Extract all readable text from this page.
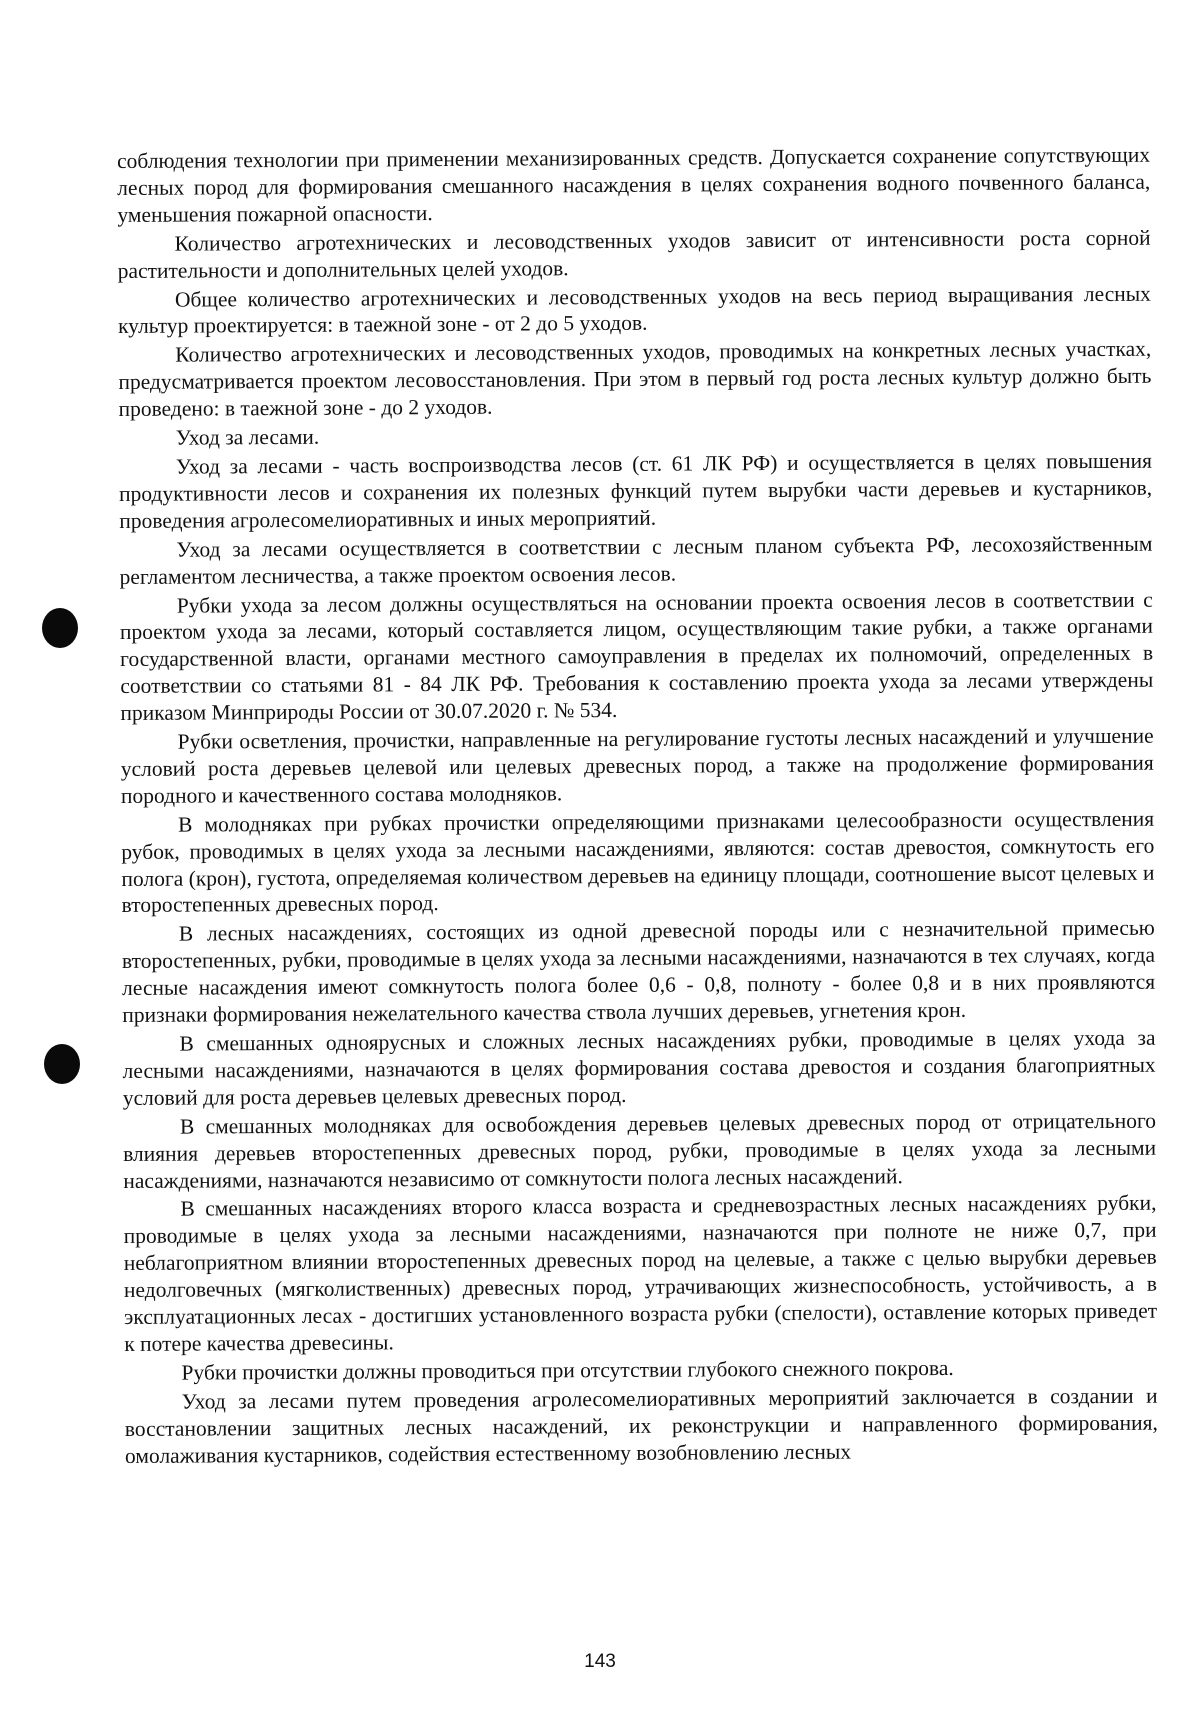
соблюдения технологии при применении механизированных средств. Допускается сохранение сопутствующих лесных пород для формирования смешанного насаждения в целях сохранения водного почвенного баланса, уменьшения пожарной опасности.

Количество агротехнических и лесоводственных уходов зависит от интенсивности роста сорной растительности и дополнительных целей уходов.

Общее количество агротехнических и лесоводственных уходов на весь период выращивания лесных культур проектируется: в таежной зоне - от 2 до 5 уходов.

Количество агротехнических и лесоводственных уходов, проводимых на конкретных лесных участках, предусматривается проектом лесовосстановления. При этом в первый год роста лесных культур должно быть проведено: в таежной зоне - до 2 уходов.

Уход за лесами.

Уход за лесами - часть воспроизводства лесов (ст. 61 ЛК РФ) и осуществляется в целях повышения продуктивности лесов и сохранения их полезных функций путем вырубки части деревьев и кустарников, проведения агролесомелиоративных и иных мероприятий.

Уход за лесами осуществляется в соответствии с лесным планом субъекта РФ, лесохозяйственным регламентом лесничества, а также проектом освоения лесов.

Рубки ухода за лесом должны осуществляться на основании проекта освоения лесов в соответствии с проектом ухода за лесами, который составляется лицом, осуществляющим такие рубки, а также органами государственной власти, органами местного самоуправления в пределах их полномочий, определенных в соответствии со статьями 81 - 84 ЛК РФ. Требования к составлению проекта ухода за лесами утверждены приказом Минприроды России от 30.07.2020 г. № 534.

Рубки осветления, прочистки, направленные на регулирование густоты лесных насаждений и улучшение условий роста деревьев целевой или целевых древесных пород, а также на продолжение формирования породного и качественного состава молодняков.

В молодняках при рубках прочистки определяющими признаками целесообразности осуществления рубок, проводимых в целях ухода за лесными насаждениями, являются: состав древостоя, сомкнутость его полога (крон), густота, определяемая количеством деревьев на единицу площади, соотношение высот целевых и второстепенных древесных пород.

В лесных насаждениях, состоящих из одной древесной породы или с незначительной примесью второстепенных, рубки, проводимые в целях ухода за лесными насаждениями, назначаются в тех случаях, когда лесные насаждения имеют сомкнутость полога более 0,6 - 0,8, полноту - более 0,8 и в них проявляются признаки формирования нежелательного качества ствола лучших деревьев, угнетения крон.

В смешанных одноярусных и сложных лесных насаждениях рубки, проводимые в целях ухода за лесными насаждениями, назначаются в целях формирования состава древостоя и создания благоприятных условий для роста деревьев целевых древесных пород.

В смешанных молодняках для освобождения деревьев целевых древесных пород от отрицательного влияния деревьев второстепенных древесных пород, рубки, проводимые в целях ухода за лесными насаждениями, назначаются независимо от сомкнутости полога лесных насаждений.

В смешанных насаждениях второго класса возраста и средневозрастных лесных насаждениях рубки, проводимые в целях ухода за лесными насаждениями, назначаются при полноте не ниже 0,7, при неблагоприятном влиянии второстепенных древесных пород на целевые, а также с целью вырубки деревьев недолговечных (мягколиственных) древесных пород, утрачивающих жизнеспособность, устойчивость, а в эксплуатационных лесах - достигших установленного возраста рубки (спелости), оставление которых приведет к потере качества древесины.

Рубки прочистки должны проводиться при отсутствии глубокого снежного покрова.

Уход за лесами путем проведения агролесомелиоративных мероприятий заключается в создании и восстановлении защитных лесных насаждений, их реконструкции и направленного формирования, омолаживания кустарников, содействия естественному возобновлению лесных

143
